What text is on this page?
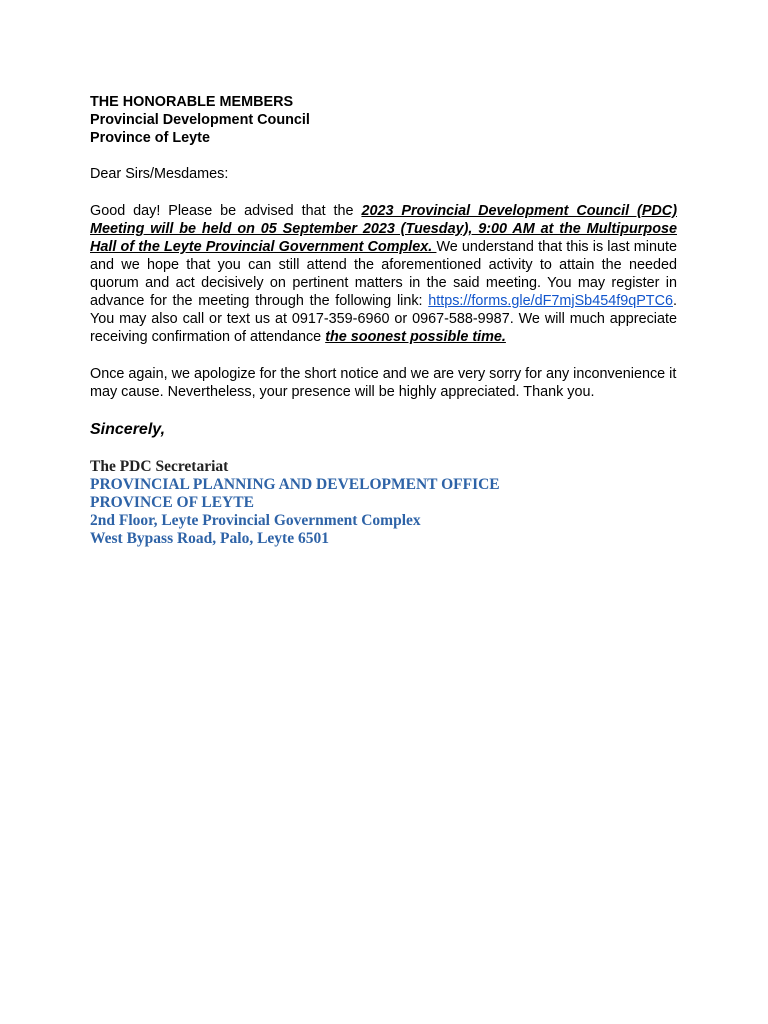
THE HONORABLE MEMBERS

Provincial Development Council

Province of Leyte

Dear Sirs/Mesdames:

Good day! Please be advised that the 2023 Provincial Development Council (PDC) Meeting will be held on 05 September 2023 (Tuesday), 9:00 AM at the Multipurpose Hall of the Leyte Provincial Government Complex. We understand that this is last minute and we hope that you can still attend the aforementioned activity to attain the needed quorum and act decisively on pertinent matters in the said meeting. You may register in advance for the meeting through the following link: https://forms.gle/dF7mjSb454f9qPTC6. You may also call or text us at 0917-359-6960 or 0967-588-9987. We will much appreciate receiving confirmation of attendance the soonest possible time.

Once again, we apologize for the short notice and we are very sorry for any inconvenience it may cause. Nevertheless, your presence will be highly appreciated. Thank you.

Sincerely,

The PDC Secretariat

PROVINCIAL PLANNING AND DEVELOPMENT OFFICE

PROVINCE OF LEYTE

2nd Floor, Leyte Provincial Government Complex

West Bypass Road, Palo, Leyte 6501
